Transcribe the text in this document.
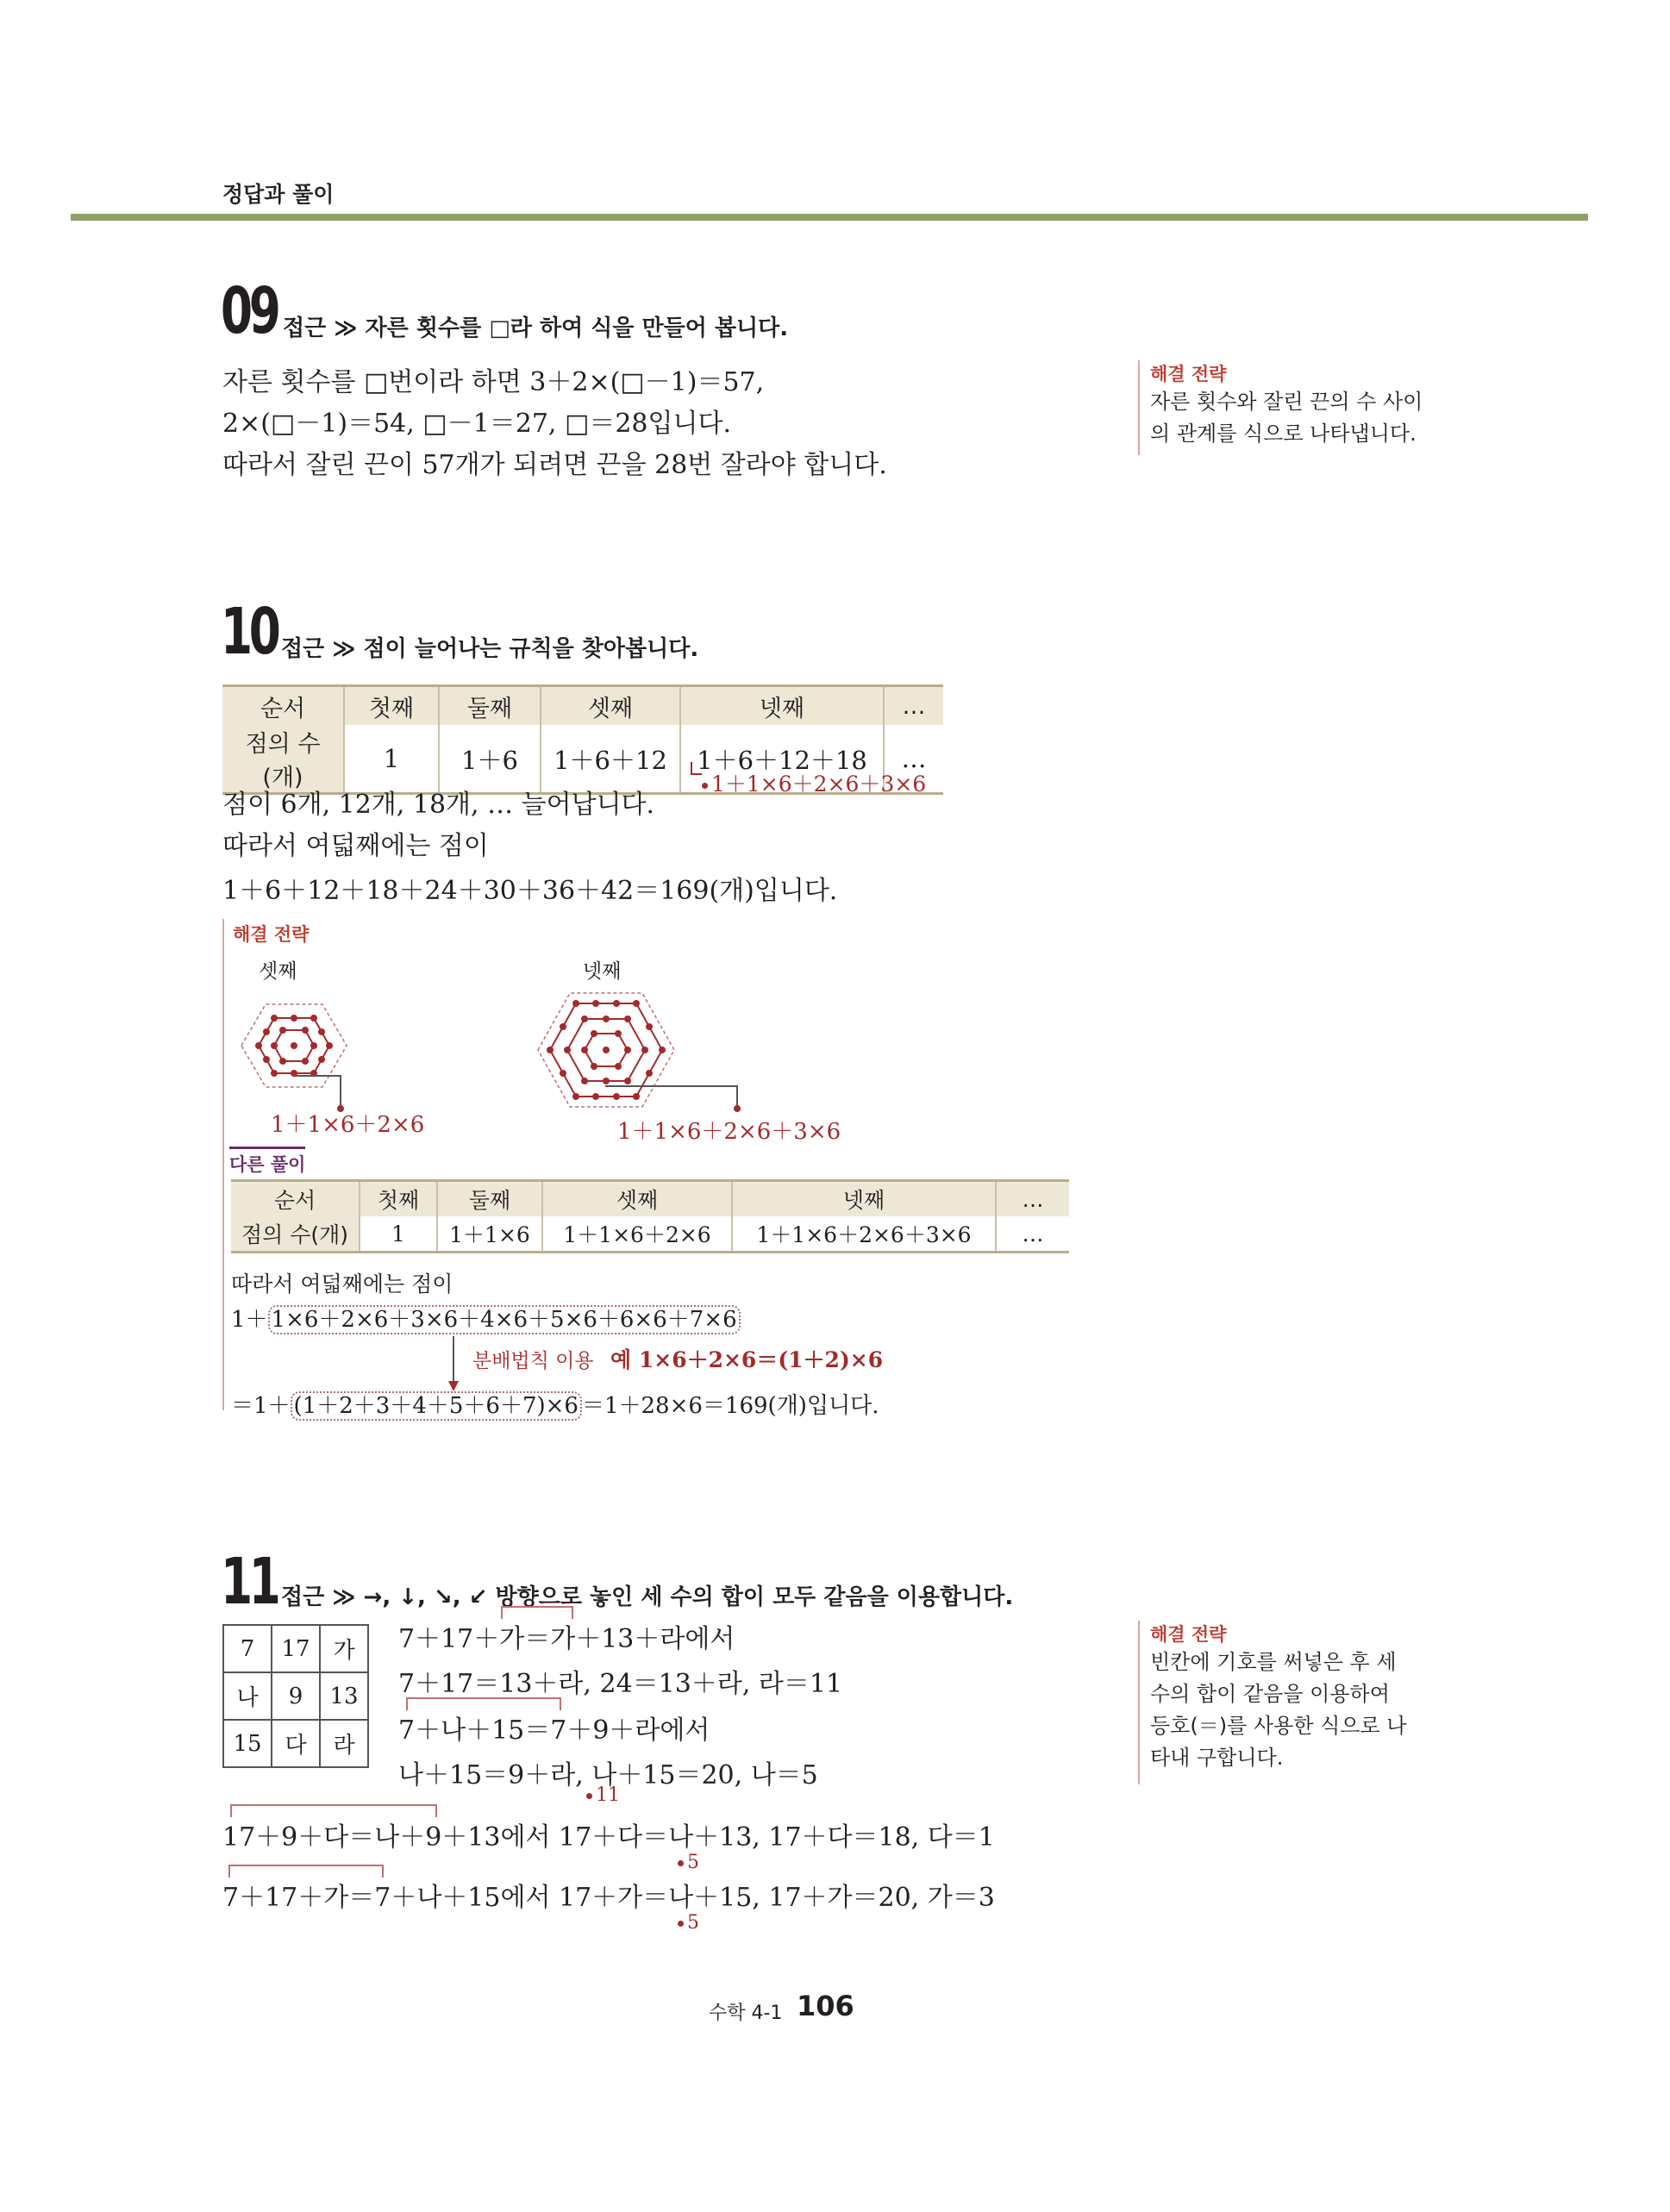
정답과 풀이
09 접근 ≫ 자른 횟수를 □라 하여 식을 만들어 봅니다.
자른 횟수를 □번이라 하면 3＋2×(□－1)＝57,
2×(□－1)＝54, □－1＝27, □＝28입니다.
따라서 잘린 끈이 57개가 되려면 끈을 28번 잘라야 합니다.
해결 전략
자른 횟수와 잘린 끈의 수 사이
의 관계를 식으로 나타냅니다.
10 접근 ≫ 점이 늘어나는 규칙을 찾아봅니다.
순서	첫째	둘째	셋째	넷째	…
점의 수(개)	1	1＋6	1＋6＋12	1＋6＋12＋18	…
1＋1×6＋2×6＋3×6
점이 6개, 12개, 18개, … 늘어납니다.
따라서 여덟째에는 점이
1＋6＋12＋18＋24＋30＋36＋42＝169(개)입니다.
해결 전략
셋째	넷째
1＋1×6＋2×6	1＋1×6＋2×6＋3×6
다른 풀이
순서	첫째	둘째	셋째	넷째	…
점의 수(개)	1	1＋1×6	1＋1×6＋2×6	1＋1×6＋2×6＋3×6	…
따라서 여덟째에는 점이
1＋ 1×6＋2×6＋3×6＋4×6＋5×6＋6×6＋7×6
분배법칙 이용 예 1×6＋2×6＝(1＋2)×6
＝1＋ (1＋2＋3＋4＋5＋6＋7)×6 ＝1＋28×6＝169(개)입니다.
11 접근 ≫ →, ↓, ↘, ↙ 방향으로 놓인 세 수의 합이 모두 같음을 이용합니다.
7	17	가
나	9	13
15	다	라
7＋17＋가＝가＋13＋라에서
7＋17＝13＋라, 24＝13＋라, 라＝11
7＋나＋15＝7＋9＋라에서
나＋15＝9＋라, 나＋15＝20, 나＝5
11
17＋9＋다＝나＋9＋13에서 17＋다＝나＋13, 17＋다＝18, 다＝1
5
7＋17＋가＝7＋나＋15에서 17＋가＝나＋15, 17＋가＝20, 가＝3
5
해결 전략
빈칸에 기호를 써넣은 후 세
수의 합이 같음을 이용하여
등호(＝)를 사용한 식으로 나
타내 구합니다.
수학 4-1 106
